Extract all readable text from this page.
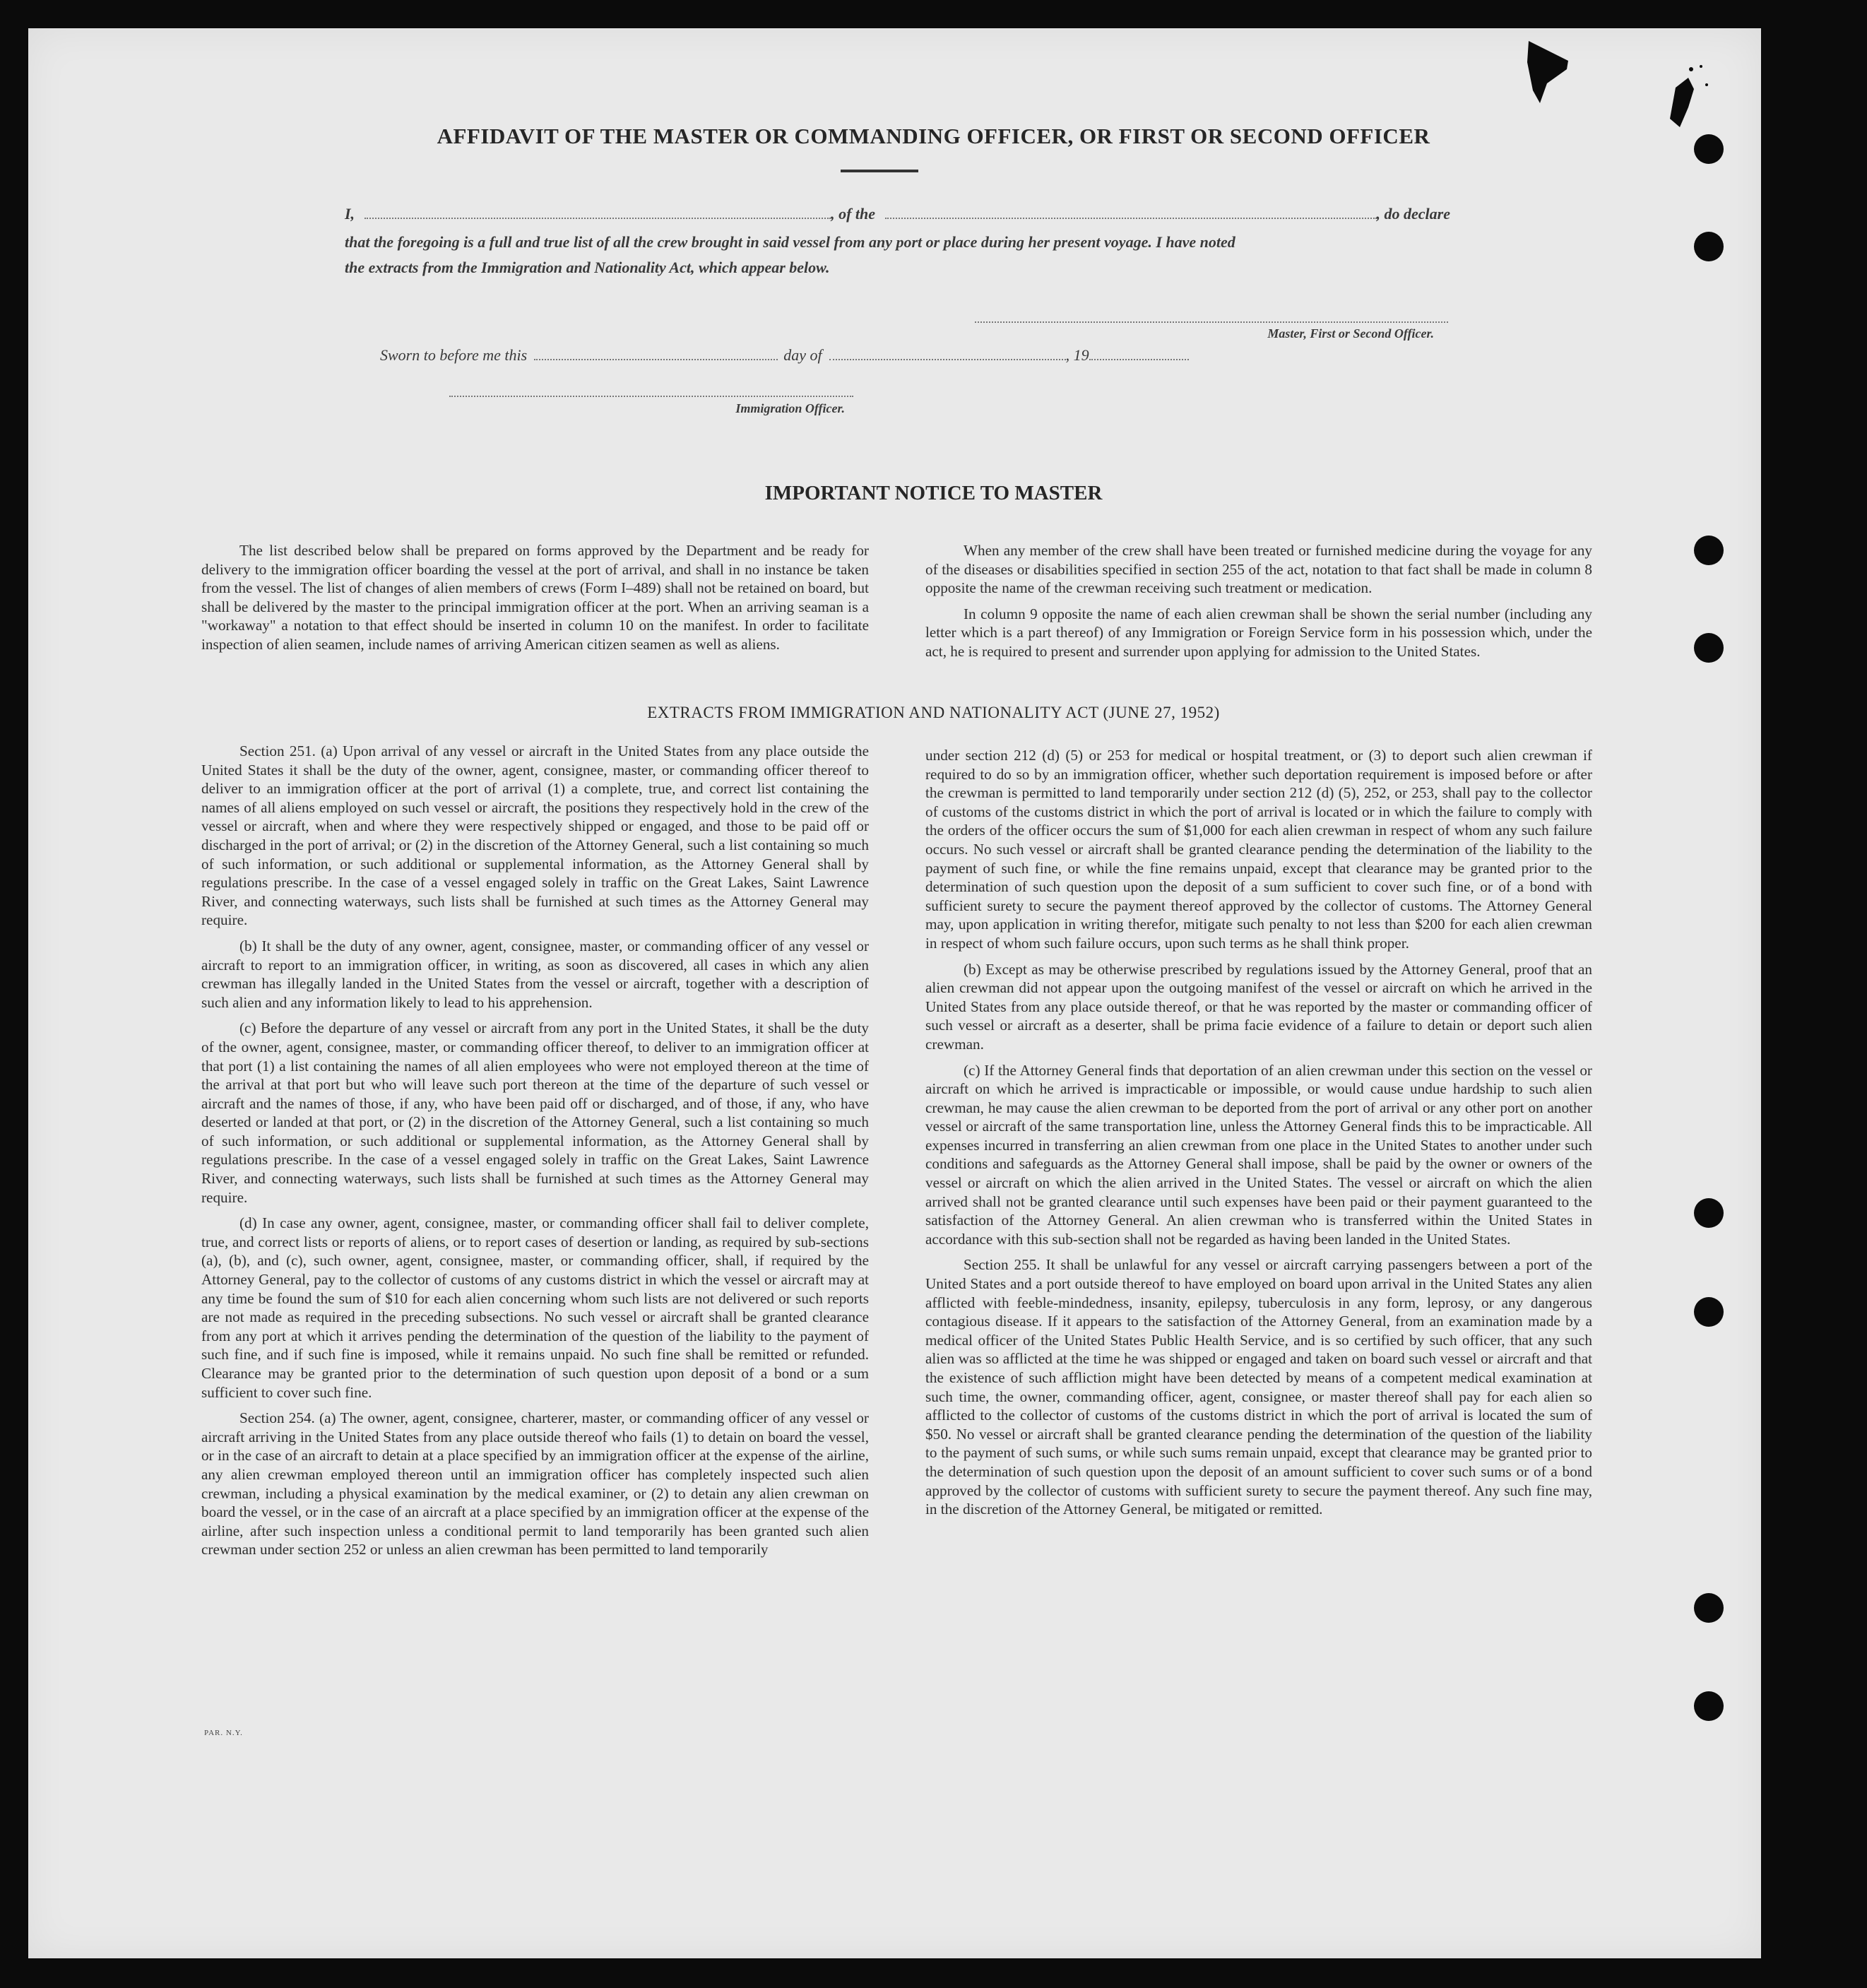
AFFIDAVIT OF THE MASTER OR COMMANDING OFFICER, OR FIRST OR SECOND OFFICER
I,	, of the	, do declare
that the foregoing is a full and true list of all the crew brought in said vessel from any port or place during her present voyage. I have noted
the extracts from the Immigration and Nationality Act, which appear below.
Master, First or Second Officer.
Sworn to before me this	day of	, 19
Immigration Officer.
IMPORTANT NOTICE TO MASTER

The list described below shall be prepared on forms approved by the Department and be ready for delivery to the immigration officer boarding the vessel at the port of arrival, and shall in no instance be taken from the vessel. The list of changes of alien members of crews (Form I–489) shall not be retained on board, but shall be delivered by the master to the principal immigration officer at the port. When an arriving seaman is a "workaway" a notation to that effect should be inserted in column 10 on the manifest. In order to facilitate inspection of alien seamen, include names of arriving American citizen seamen as well as aliens.

When any member of the crew shall have been treated or furnished medicine during the voyage for any of the diseases or disabilities specified in section 255 of the act, notation to that fact shall be made in column 8 opposite the name of the crewman receiving such treatment or medication.

In column 9 opposite the name of each alien crewman shall be shown the serial number (including any letter which is a part thereof) of any Immigration or Foreign Service form in his possession which, under the act, he is required to present and surrender upon applying for admission to the United States.

EXTRACTS FROM IMMIGRATION AND NATIONALITY ACT (JUNE 27, 1952)

Section 251. (a) Upon arrival of any vessel or aircraft in the United States from any place outside the United States it shall be the duty of the owner, agent, consignee, master, or commanding officer thereof to deliver to an immigration officer at the port of arrival (1) a complete, true, and correct list containing the names of all aliens employed on such vessel or aircraft, the positions they respectively hold in the crew of the vessel or aircraft, when and where they were respectively shipped or engaged, and those to be paid off or discharged in the port of arrival; or (2) in the discretion of the Attorney General, such a list containing so much of such information, or such additional or supplemental information, as the Attorney General shall by regulations prescribe. In the case of a vessel engaged solely in traffic on the Great Lakes, Saint Lawrence River, and connecting waterways, such lists shall be furnished at such times as the Attorney General may require.

(b) It shall be the duty of any owner, agent, consignee, master, or commanding officer of any vessel or aircraft to report to an immigration officer, in writing, as soon as discovered, all cases in which any alien crewman has illegally landed in the United States from the vessel or aircraft, together with a description of such alien and any information likely to lead to his apprehension.

(c) Before the departure of any vessel or aircraft from any port in the United States, it shall be the duty of the owner, agent, consignee, master, or commanding officer thereof, to deliver to an immigration officer at that port (1) a list containing the names of all alien employees who were not employed thereon at the time of the arrival at that port but who will leave such port thereon at the time of the departure of such vessel or aircraft and the names of those, if any, who have been paid off or discharged, and of those, if any, who have deserted or landed at that port, or (2) in the discretion of the Attorney General, such a list containing so much of such information, or such additional or supplemental information, as the Attorney General shall by regulations prescribe. In the case of a vessel engaged solely in traffic on the Great Lakes, Saint Lawrence River, and connecting waterways, such lists shall be furnished at such times as the Attorney General may require.

(d) In case any owner, agent, consignee, master, or commanding officer shall fail to deliver complete, true, and correct lists or reports of aliens, or to report cases of desertion or landing, as required by sub-sections (a), (b), and (c), such owner, agent, consignee, master, or commanding officer, shall, if required by the Attorney General, pay to the collector of customs of any customs district in which the vessel or aircraft may at any time be found the sum of $10 for each alien concerning whom such lists are not delivered or such reports are not made as required in the preceding subsections. No such vessel or aircraft shall be granted clearance from any port at which it arrives pending the determination of the question of the liability to the payment of such fine, and if such fine is imposed, while it remains unpaid. No such fine shall be remitted or refunded. Clearance may be granted prior to the determination of such question upon deposit of a bond or a sum sufficient to cover such fine.

Section 254. (a) The owner, agent, consignee, charterer, master, or commanding officer of any vessel or aircraft arriving in the United States from any place outside thereof who fails (1) to detain on board the vessel, or in the case of an aircraft to detain at a place specified by an immigration officer at the expense of the airline, any alien crewman employed thereon until an immigration officer has completely inspected such alien crewman, including a physical examination by the medical examiner, or (2) to detain any alien crewman on board the vessel, or in the case of an aircraft at a place specified by an immigration officer at the expense of the airline, after such inspection unless a conditional permit to land temporarily has been granted such alien crewman under section 252 or unless an alien crewman has been permitted to land temporarily

under section 212 (d) (5) or 253 for medical or hospital treatment, or (3) to deport such alien crewman if required to do so by an immigration officer, whether such deportation requirement is imposed before or after the crewman is permitted to land temporarily under section 212 (d) (5), 252, or 253, shall pay to the collector of customs of the customs district in which the port of arrival is located or in which the failure to comply with the orders of the officer occurs the sum of $1,000 for each alien crewman in respect of whom any such failure occurs. No such vessel or aircraft shall be granted clearance pending the determination of the liability to the payment of such fine, or while the fine remains unpaid, except that clearance may be granted prior to the determination of such question upon the deposit of a sum sufficient to cover such fine, or of a bond with sufficient surety to secure the payment thereof approved by the collector of customs. The Attorney General may, upon application in writing therefor, mitigate such penalty to not less than $200 for each alien crewman in respect of whom such failure occurs, upon such terms as he shall think proper.

(b) Except as may be otherwise prescribed by regulations issued by the Attorney General, proof that an alien crewman did not appear upon the outgoing manifest of the vessel or aircraft on which he arrived in the United States from any place outside thereof, or that he was reported by the master or commanding officer of such vessel or aircraft as a deserter, shall be prima facie evidence of a failure to detain or deport such alien crewman.

(c) If the Attorney General finds that deportation of an alien crewman under this section on the vessel or aircraft on which he arrived is impracticable or impossible, or would cause undue hardship to such alien crewman, he may cause the alien crewman to be deported from the port of arrival or any other port on another vessel or aircraft of the same transportation line, unless the Attorney General finds this to be impracticable. All expenses incurred in transferring an alien crewman from one place in the United States to another under such conditions and safeguards as the Attorney General shall impose, shall be paid by the owner or owners of the vessel or aircraft on which the alien arrived in the United States. The vessel or aircraft on which the alien arrived shall not be granted clearance until such expenses have been paid or their payment guaranteed to the satisfaction of the Attorney General. An alien crewman who is transferred within the United States in accordance with this sub-section shall not be regarded as having been landed in the United States.

Section 255. It shall be unlawful for any vessel or aircraft carrying passengers between a port of the United States and a port outside thereof to have employed on board upon arrival in the United States any alien afflicted with feeble-mindedness, insanity, epilepsy, tuberculosis in any form, leprosy, or any dangerous contagious disease. If it appears to the satisfaction of the Attorney General, from an examination made by a medical officer of the United States Public Health Service, and is so certified by such officer, that any such alien was so afflicted at the time he was shipped or engaged and taken on board such vessel or aircraft and that the existence of such affliction might have been detected by means of a competent medical examination at such time, the owner, commanding officer, agent, consignee, or master thereof shall pay for each alien so afflicted to the collector of customs of the customs district in which the port of arrival is located the sum of $50. No vessel or aircraft shall be granted clearance pending the determination of the question of the liability to the payment of such sums, or while such sums remain unpaid, except that clearance may be granted prior to the determination of such question upon the deposit of an amount sufficient to cover such sums or of a bond approved by the collector of customs with sufficient surety to secure the payment thereof. Any such fine may, in the discretion of the Attorney General, be mitigated or remitted.

PAR. N.Y.
